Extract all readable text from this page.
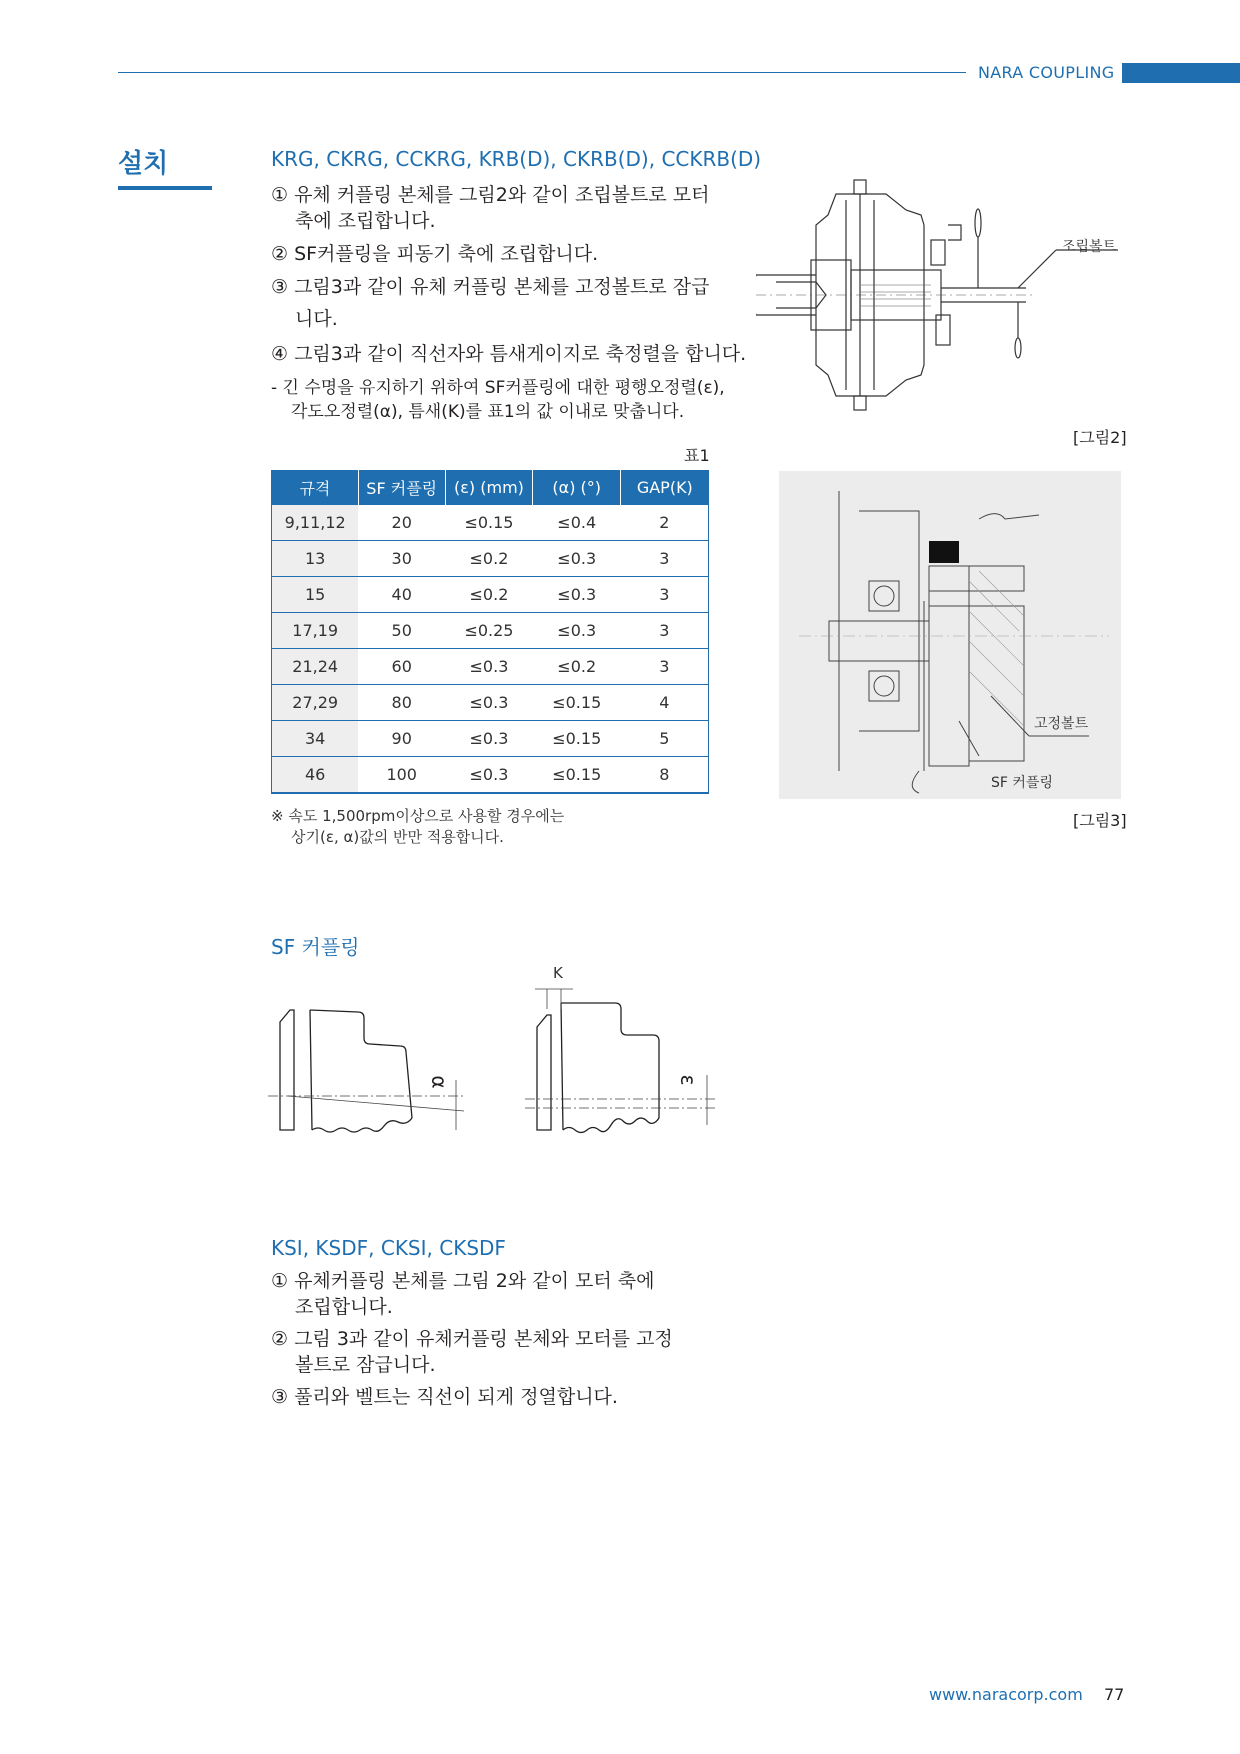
NARA COUPLING
설치	KRG, CKRG, CCKRG, KRB(D), CKRB(D), CCKRB(D)
① 유체 커플링 본체를 그림2와 같이 조립볼트로 모터
축에 조립합니다.
② SF커플링을 피동기 축에 조립합니다.
③ 그림3과 같이 유체 커플링 본체를 고정볼트로 잠급
니다.
④ 그림3과 같이 직선자와 틈새게이지로 축정렬을 합니다.
- 긴 수명을 유지하기 위하여 SF커플링에 대한 평행오정렬(ε),
각도오정렬(α), 틈새(K)를 표1의 값 이내로 맞춥니다.
표1
규격	SF 커플링	(ε) (mm)	(α) (°)	GAP(K)
9,11,12	20	≤0.15	≤0.4	2
13	30	≤0.2	≤0.3	3
15	40	≤0.2	≤0.3	3
17,19	50	≤0.25	≤0.3	3
21,24	60	≤0.3	≤0.2	3
27,29	80	≤0.3	≤0.15	4
34	90	≤0.3	≤0.15	5
46	100	≤0.3	≤0.15	8
※ 속도 1,500rpm이상으로 사용할 경우에는
상기(ε, α)값의 반만 적용합니다.
조립볼트
[그림2]
고정볼트
SF 커플링
[그림3]
SF 커플링
α
K
ε
KSI, KSDF, CKSI, CKSDF
① 유체커플링 본체를 그림 2와 같이 모터 축에
조립합니다.
② 그림 3과 같이 유체커플링 본체와 모터를 고정
볼트로 잠급니다.
③ 풀리와 벨트는 직선이 되게 정열합니다.
www.naracorp.com 77
